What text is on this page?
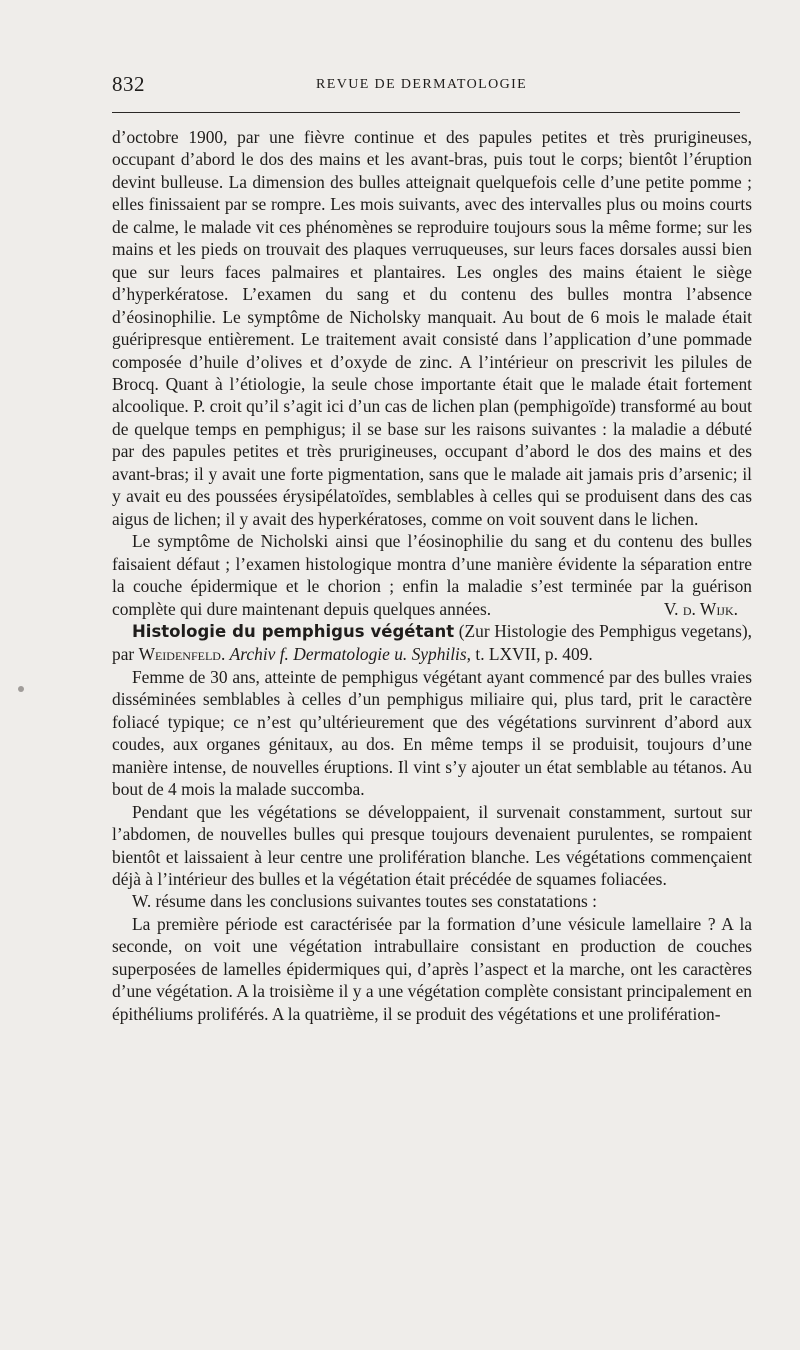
832	REVUE DE DERMATOLOGIE

d’octobre 1900, par une fièvre continue et des papules petites et très prurigineuses, occupant d’abord le dos des mains et les avant-bras, puis tout le corps; bientôt l’éruption devint bulleuse. La dimension des bulles atteignait quelquefois celle d’une petite pomme ; elles finissaient par se rompre. Les mois suivants, avec des intervalles plus ou moins courts de calme, le malade vit ces phénomènes se reproduire toujours sous la même forme; sur les mains et les pieds on trouvait des plaques verruqueuses, sur leurs faces dorsales aussi bien que sur leurs faces palmaires et plantaires. Les ongles des mains étaient le siège d’hyperkératose. L’examen du sang et du contenu des bulles montra l’absence d’éosinophilie. Le symptôme de Nicholsky manquait. Au bout de 6 mois le malade était guéripresque entièrement. Le traitement avait consisté dans l’application d’une pommade composée d’huile d’olives et d’oxyde de zinc. A l’intérieur on prescrivit les pilules de Brocq. Quant à l’étiologie, la seule chose importante était que le malade était fortement alcoolique. P. croit qu’il s’agit ici d’un cas de lichen plan (pemphigoïde) transformé au bout de quelque temps en pemphigus; il se base sur les raisons suivantes : la maladie a débuté par des papules petites et très prurigineuses, occupant d’abord le dos des mains et des avant-bras; il y avait une forte pigmentation, sans que le malade ait jamais pris d’arsenic; il y avait eu des poussées érysipélatoïdes, semblables à celles qui se produisent dans des cas aigus de lichen; il y avait des hyperkératoses, comme on voit souvent dans le lichen.

Le symptôme de Nicholski ainsi que l’éosinophilie du sang et du contenu des bulles faisaient défaut ; l’examen histologique montra d’une manière évidente la séparation entre la couche épidermique et le chorion ; enfin la maladie s’est terminée par la guérison complète qui dure maintenant depuis quelques années.	V. d. Wijk.

Histologie du pemphigus végétant (Zur Histologie des Pemphigus vegetans), par Weidenfeld. Archiv f. Dermatologie u. Syphilis, t. LXVII, p. 409.

Femme de 30 ans, atteinte de pemphigus végétant ayant commencé par des bulles vraies disséminées semblables à celles d’un pemphigus miliaire qui, plus tard, prit le caractère foliacé typique; ce n’est qu’ultérieurement que des végétations survinrent d’abord aux coudes, aux organes génitaux, au dos. En même temps il se produisit, toujours d’une manière intense, de nouvelles éruptions. Il vint s’y ajouter un état semblable au tétanos. Au bout de 4 mois la malade succomba.

Pendant que les végétations se développaient, il survenait constamment, surtout sur l’abdomen, de nouvelles bulles qui presque toujours devenaient purulentes, se rompaient bientôt et laissaient à leur centre une prolifération blanche. Les végétations commençaient déjà à l’intérieur des bulles et la végétation était précédée de squames foliacées.

W. résume dans les conclusions suivantes toutes ses constatations :

La première période est caractérisée par la formation d’une vésicule lamellaire ? A la seconde, on voit une végétation intrabullaire consistant en production de couches superposées de lamelles épidermiques qui, d’après l’aspect et la marche, ont les caractères d’une végétation. A la troisième il y a une végétation complète consistant principalement en épithéliums proliférés. A la quatrième, il se produit des végétations et une prolifération-
